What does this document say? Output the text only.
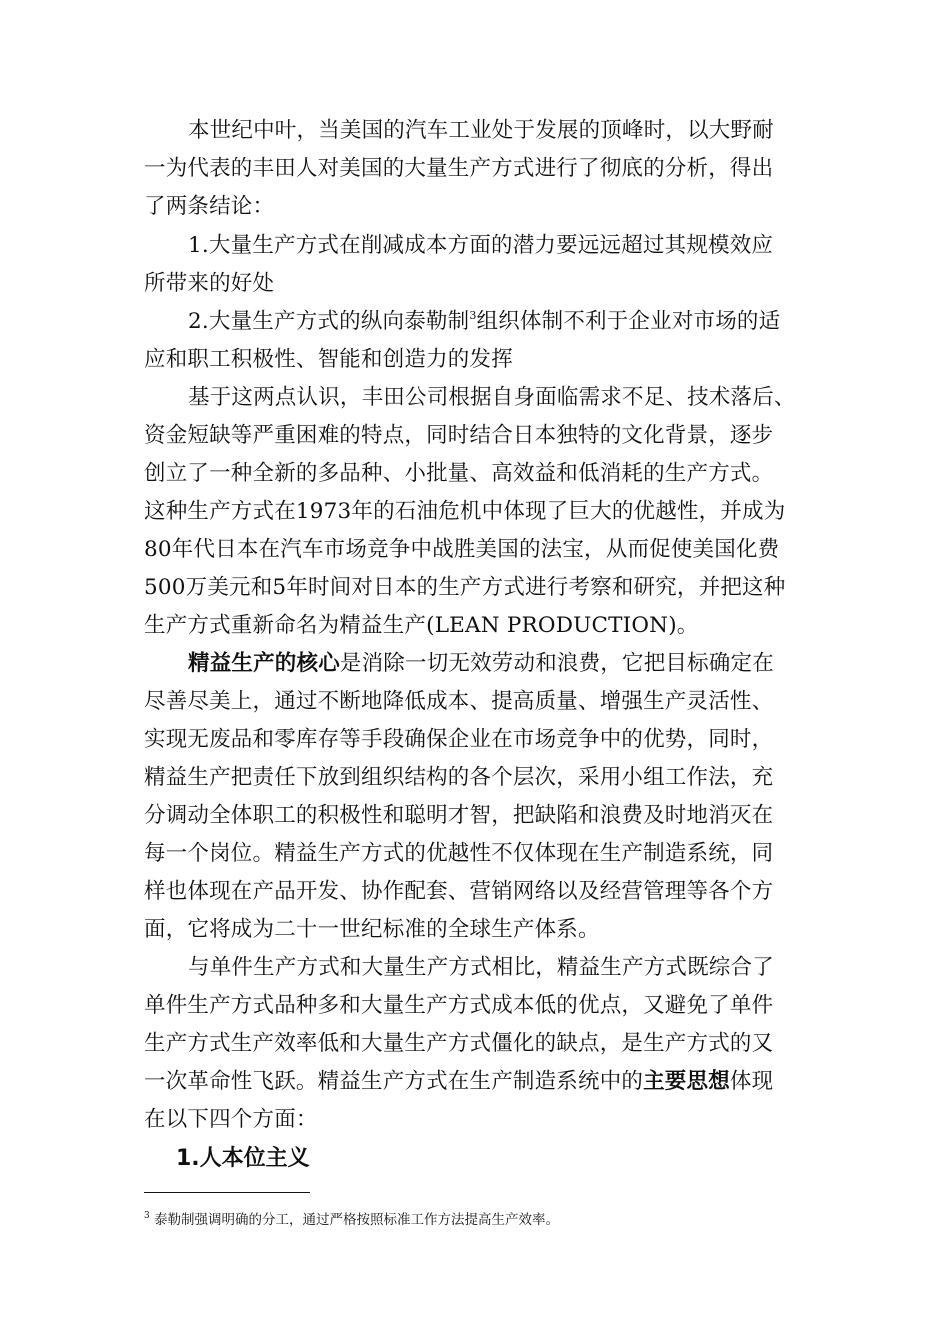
本世纪中叶，当美国的汽车工业处于发展的顶峰时，以大野耐
一为代表的丰田人对美国的大量生产方式进行了彻底的分析，得出
了两条结论：
1.大量生产方式在削减成本方面的潜力要远远超过其规模效应
所带来的好处
2.大量生产方式的纵向泰勒制$^3$组织体制不利于企业对市场的适
应和职工积极性、智能和创造力的发挥
基于这两点认识，丰田公司根据自身面临需求不足、技术落后、
资金短缺等严重困难的特点，同时结合日本独特的文化背景，逐步
创立了一种全新的多品种、小批量、高效益和低消耗的生产方式。
这种生产方式在1973年的石油危机中体现了巨大的优越性，并成为
80年代日本在汽车市场竞争中战胜美国的法宝，从而促使美国化费
500万美元和5年时间对日本的生产方式进行考察和研究，并把这种
生产方式重新命名为精益生产(LEAN PRODUCTION)。
精益生产的核心是消除一切无效劳动和浪费，它把目标确定在
尽善尽美上，通过不断地降低成本、提高质量、增强生产灵活性、
实现无废品和零库存等手段确保企业在市场竞争中的优势，同时，
精益生产把责任下放到组织结构的各个层次，采用小组工作法，充
分调动全体职工的积极性和聪明才智，把缺陷和浪费及时地消灭在
每一个岗位。精益生产方式的优越性不仅体现在生产制造系统，同
样也体现在产品开发、协作配套、营销网络以及经营管理等各个方
面，它将成为二十一世纪标准的全球生产体系。
与单件生产方式和大量生产方式相比，精益生产方式既综合了
单件生产方式品种多和大量生产方式成本低的优点，又避免了单件
生产方式生产效率低和大量生产方式僵化的缺点，是生产方式的又
一次革命性飞跃。精益生产方式在生产制造系统中的主要思想体现
在以下四个方面：
1.人本位主义
$^3$ 泰勒制强调明确的分工，通过严格按照标准工作方法提高生产效率。
